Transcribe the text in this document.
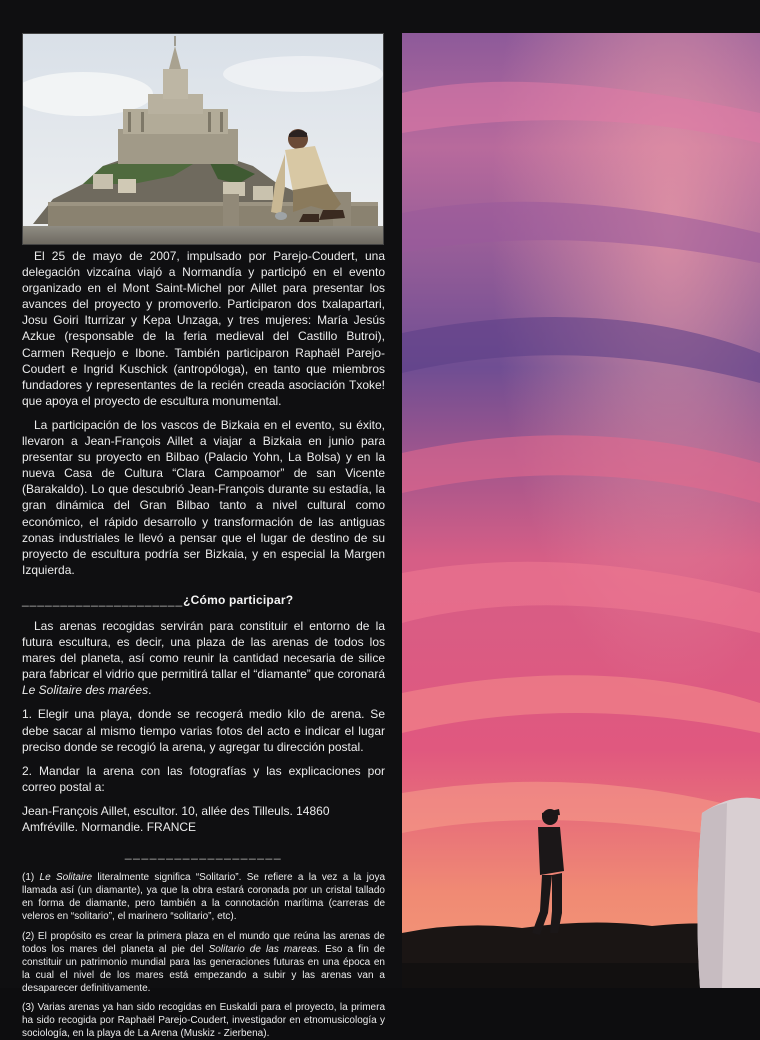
El 25 de mayo de 2007, impulsado por Parejo-Coudert, una delegación vizcaína viajó a Normandía y participó en el evento organizado en el Mont Saint-Michel por Aillet para presentar los avances del proyecto y promoverlo. Participaron dos txalapartari, Josu Goiri Iturrizar y Kepa Unzaga, y tres mujeres: María Jesús Azkue (responsable de la feria medieval del Castillo Butroi), Carmen Requejo e Ibone. También participaron Raphaël Parejo-Coudert e Ingrid Kuschick (antropóloga), en tanto que miembros fundadores y representantes de la recién creada asociación Txoke! que apoya el proyecto de escultura monumental.

La participación de los vascos de Bizkaia en el evento, su éxito, llevaron a Jean-François Aillet a viajar a Bizkaia en junio para presentar su proyecto en Bilbao (Palacio Yohn, La Bolsa) y en la nueva Casa de Cultura “Clara Campoamor” de san Vicente (Barakaldo). Lo que descubrió Jean-François durante su estadía, la gran dinámica del Gran Bilbao tanto a nivel cultural como económico, el rápido desarrollo y transformación de las antiguas zonas industriales le llevó a pensar que el lugar de destino de su proyecto de escultura podría ser Bizkaia, y en especial la Margen Izquierda.

_____________________¿Cómo participar?

Las arenas recogidas servirán para constituir el entorno de la futura escultura, es decir, una plaza de las arenas de todos los mares del planeta, así como reunir la cantidad necesaria de silice para fabricar el vidrio que permitirá tallar el “diamante” que coronará Le Solitaire des marées.

1. Elegir una playa, donde se recogerá medio kilo de arena. Se debe sacar al mismo tiempo varias fotos del acto e indicar el lugar preciso donde se recogió la arena, y agregar tu dirección postal.

2. Mandar la arena con las fotografías y las explicaciones por correo postal a:

Jean-François Aillet, escultor. 10, allée des Tilleuls. 14860
Amfréville. Normandie. FRANCE

___________________

(1) Le Solitaire literalmente significa “Solitario”. Se refiere a la vez a la joya llamada así (un diamante), ya que la obra estará coronada por un cristal tallado en forma de diamante, pero también a la connotación marítima (carreras de veleros en “solitario”, el marinero “solitario”, etc).

(2) El propósito es crear la primera plaza en el mundo que reúna las arenas de todos los mares del planeta al pie del Solitario de las mareas. Eso a fin de constituir un patrimonio mundial para las generaciones futuras en una época en la cual el nivel de los mares está empezando a subir y las arenas van a desaparecer definitivamente.

(3) Varias arenas ya han sido recogidas en Euskaldi para el proyecto, la primera ha sido recogida por Raphaël Parejo-Coudert, investigador en etnomusicología y sociología, en la playa de La Arena (Muskiz - Zierbena).
